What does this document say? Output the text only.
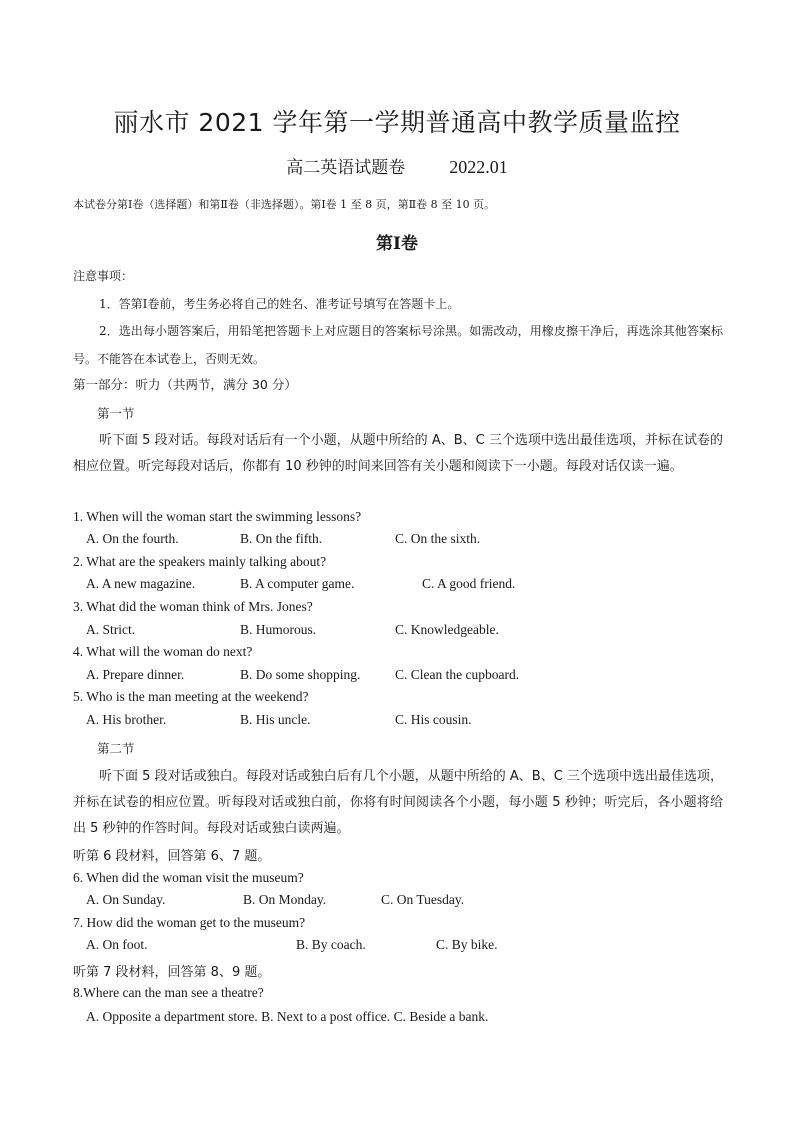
丽水市 2021 学年第一学期普通高中教学质量监控
高二英语试题卷 2022.01
本试卷分第Ⅰ卷（选择题）和第Ⅱ卷（非选择题）。第Ⅰ卷 1 至 8 页，第Ⅱ卷 8 至 10 页。
第Ⅰ卷
注意事项：
1．答第Ⅰ卷前，考生务必将自己的姓名、准考证号填写在答题卡上。
2．选出每小题答案后，用铅笔把答题卡上对应题目的答案标号涂黑。如需改动，用橡皮擦干净后，再选涂其他答案标号。不能答在本试卷上，否则无效。
第一部分：听力（共两节，满分 30 分）
第一节
听下面 5 段对话。每段对话后有一个小题，从题中所给的 A、B、C 三个选项中选出最佳选项，并标在试卷的相应位置。听完每段对话后，你都有 10 秒钟的时间来回答有关小题和阅读下一小题。每段对话仅读一遍。
1. When will the woman start the swimming lessons?
A. On the fourth.	B. On the fifth.	C. On the sixth.
2. What are the speakers mainly talking about?
A. A new magazine.	B. A computer game.	C. A good friend.
3. What did the woman think of Mrs. Jones?
A. Strict.	B. Humorous.	C. Knowledgeable.
4. What will the woman do next?
A. Prepare dinner.	B. Do some shopping.	C. Clean the cupboard.
5. Who is the man meeting at the weekend?
A. His brother.	B. His uncle.	C. His cousin.
第二节
听下面 5 段对话或独白。每段对话或独白后有几个小题，从题中所给的 A、B、C 三个选项中选出最佳选项，并标在试卷的相应位置。听每段对话或独白前，你将有时间阅读各个小题，每小题 5 秒钟；听完后，各小题将给出 5 秒钟的作答时间。每段对话或独白读两遍。
听第 6 段材料，回答第 6、7 题。
6. When did the woman visit the museum?
A. On Sunday.	B. On Monday.	C. On Tuesday.
7. How did the woman get to the museum?
A. On foot.	B. By coach.	C. By bike.
听第 7 段材料，回答第 8、9 题。
8.Where can the man see a theatre?
A. Opposite a department store. B. Next to a post office. C. Beside a bank.
